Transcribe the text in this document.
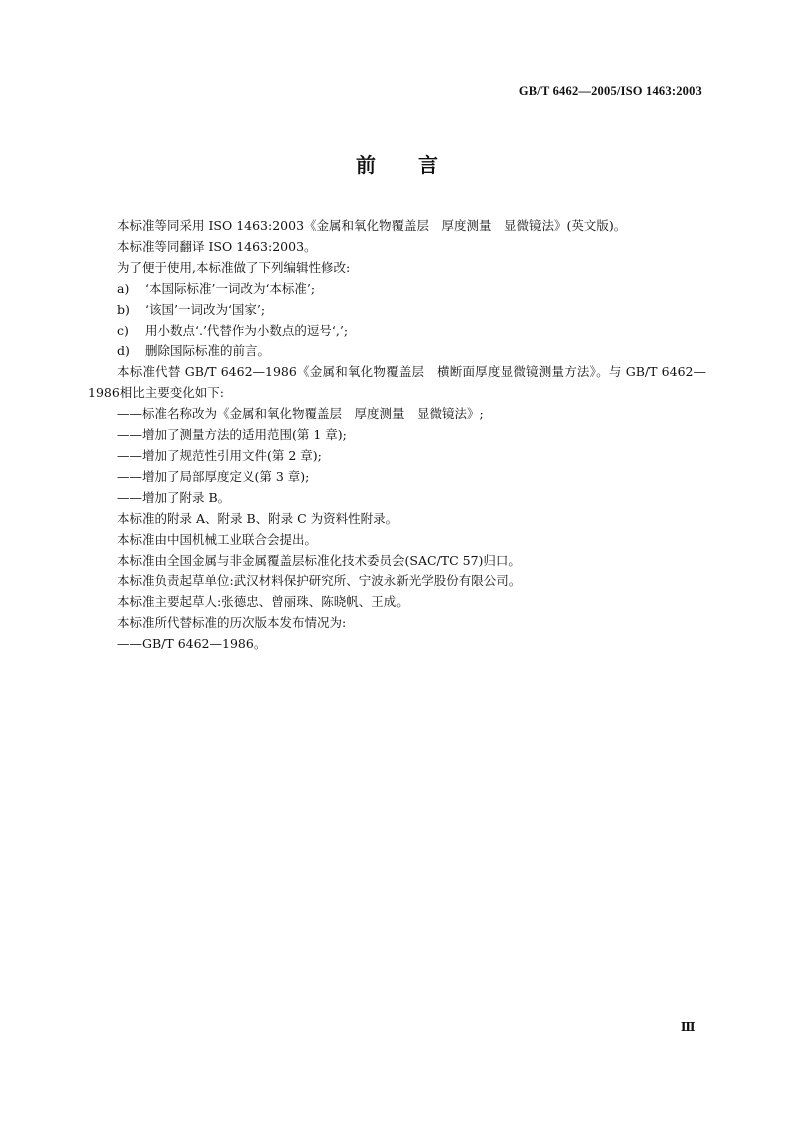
GB/T 6462—2005/ISO 1463:2003
前言

本标准等同采用 ISO 1463:2003《金属和氧化物覆盖层　厚度测量　显微镜法》(英文版)。

本标准等同翻译 ISO 1463:2003。

为了便于使用,本标准做了下列编辑性修改:

a) ‘本国际标准’一词改为‘本标准’;

b) ‘该国’一词改为‘国家’;

c) 用小数点‘.’代替作为小数点的逗号‘,’;

d) 删除国际标准的前言。

本标准代替 GB/T 6462—1986《金属和氧化物覆盖层　横断面厚度显微镜测量方法》。与 GB/T 6462—1986相比主要变化如下:

——标准名称改为《金属和氧化物覆盖层　厚度测量　显微镜法》;

——增加了测量方法的适用范围(第 1 章);

——增加了规范性引用文件(第 2 章);

——增加了局部厚度定义(第 3 章);

——增加了附录 B。

本标准的附录 A、附录 B、附录 C 为资料性附录。

本标准由中国机械工业联合会提出。

本标准由全国金属与非金属覆盖层标准化技术委员会(SAC/TC 57)归口。

本标准负责起草单位:武汉材料保护研究所、宁波永新光学股份有限公司。

本标准主要起草人:张德忠、曾丽珠、陈晓帆、王成。

本标准所代替标准的历次版本发布情况为:

——GB/T 6462—1986。

Ⅲ
